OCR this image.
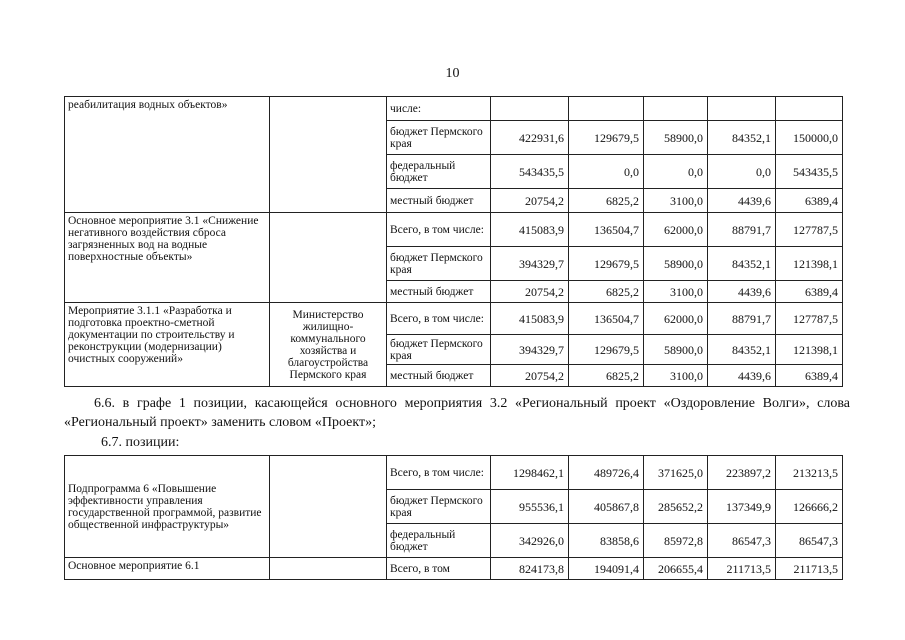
10
реабилитация водных объектов»		числе:					
		бюджет Пермского края	422931,6	129679,5	58900,0	84352,1	150000,0
		федеральный бюджет	543435,5	0,0	0,0	0,0	543435,5
		местный бюджет	20754,2	6825,2	3100,0	4439,6	6389,4
Основное мероприятие 3.1 «Снижение негативного воздействия сброса загрязненных вод на водные поверхностные объекты»		Всего, в том числе:	415083,9	136504,7	62000,0	88791,7	127787,5
		бюджет Пермского края	394329,7	129679,5	58900,0	84352,1	121398,1
		местный бюджет	20754,2	6825,2	3100,0	4439,6	6389,4
Мероприятие 3.1.1 «Разработка и подготовка проектно-сметной документации по строительству и реконструкции (модернизации) очистных сооружений»	Министерство жилищно-коммунального хозяйства и благоустройства Пермского края	Всего, в том числе:	415083,9	136504,7	62000,0	88791,7	127787,5
		бюджет Пермского края	394329,7	129679,5	58900,0	84352,1	121398,1
		местный бюджет	20754,2	6825,2	3100,0	4439,6	6389,4
6.6. в графе 1 позиции, касающейся основного мероприятия 3.2 «Региональный проект «Оздоровление Волги», слова «Региональный проект» заменить словом «Проект»;
6.7. позиции:
Подпрограмма 6 «Повышение эффективности управления государственной программой, развитие общественной инфраструктуры»		Всего, в том числе:	1298462,1	489726,4	371625,0	223897,2	213213,5
		бюджет Пермского края	955536,1	405867,8	285652,2	137349,9	126666,2
		федеральный бюджет	342926,0	83858,6	85972,8	86547,3	86547,3
Основное мероприятие 6.1		Всего, в том	824173,8	194091,4	206655,4	211713,5	211713,5
